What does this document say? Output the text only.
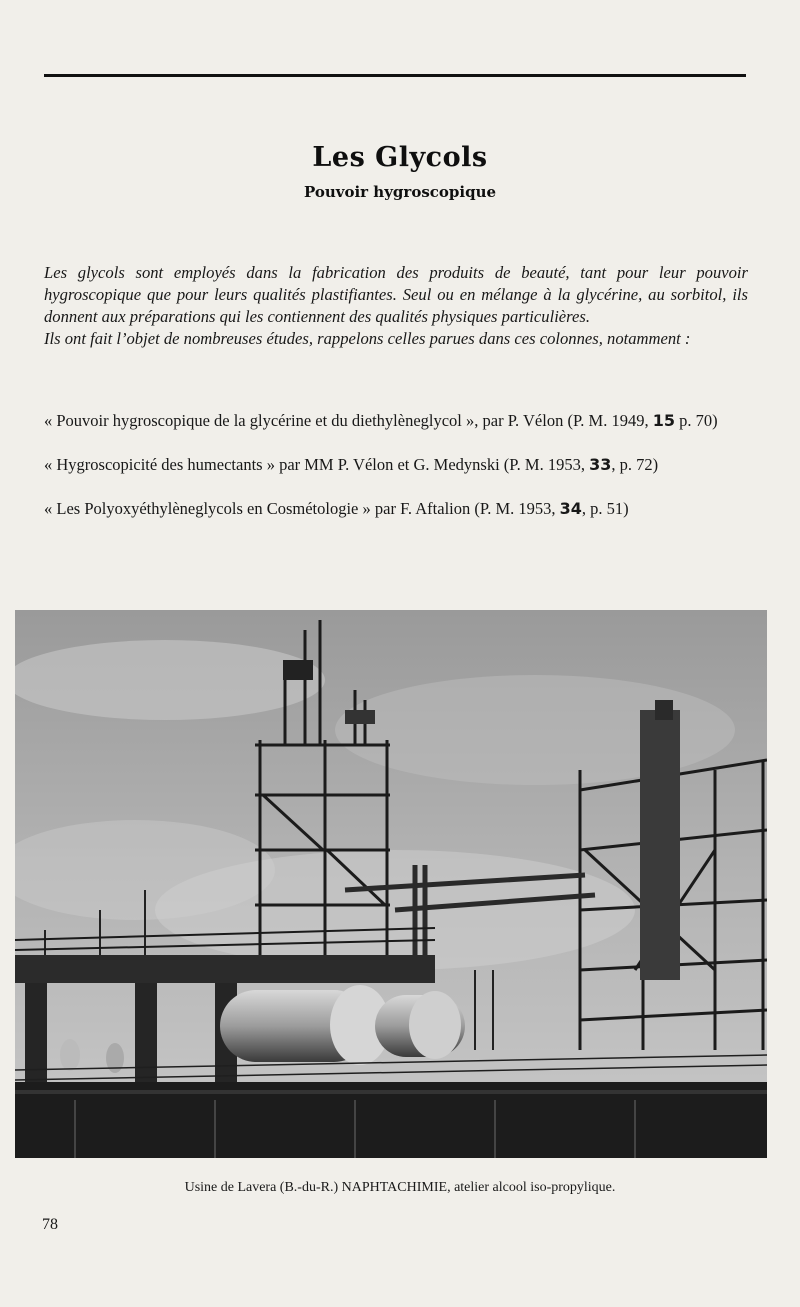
Les Glycols
Pouvoir hygroscopique

Les glycols sont employés dans la fabrication des produits de beauté, tant pour leur pouvoir hygroscopique que pour leurs qualités plastifiantes. Seul ou en mélange à la glycérine, au sorbitol, ils donnent aux préparations qui les contiennent des qualités physiques particulières.

Ils ont fait l’objet de nombreuses études, rappelons celles parues dans ces colonnes, notamment :

« Pouvoir hygroscopique de la glycérine et du diethylèneglycol », par P. Vélon (P. M. 1949, 15 p. 70)

« Hygroscopicité des humectants » par MM P. Vélon et G. Medynski (P. M. 1953, 33, p. 72)

« Les Polyoxyéthylèneglycols en Cosmétologie » par F. Aftalion (P. M. 1953, 34, p. 51)

Usine de Lavera (B.-du-R.) NAPHTACHIMIE, atelier alcool iso-propylique.
78
